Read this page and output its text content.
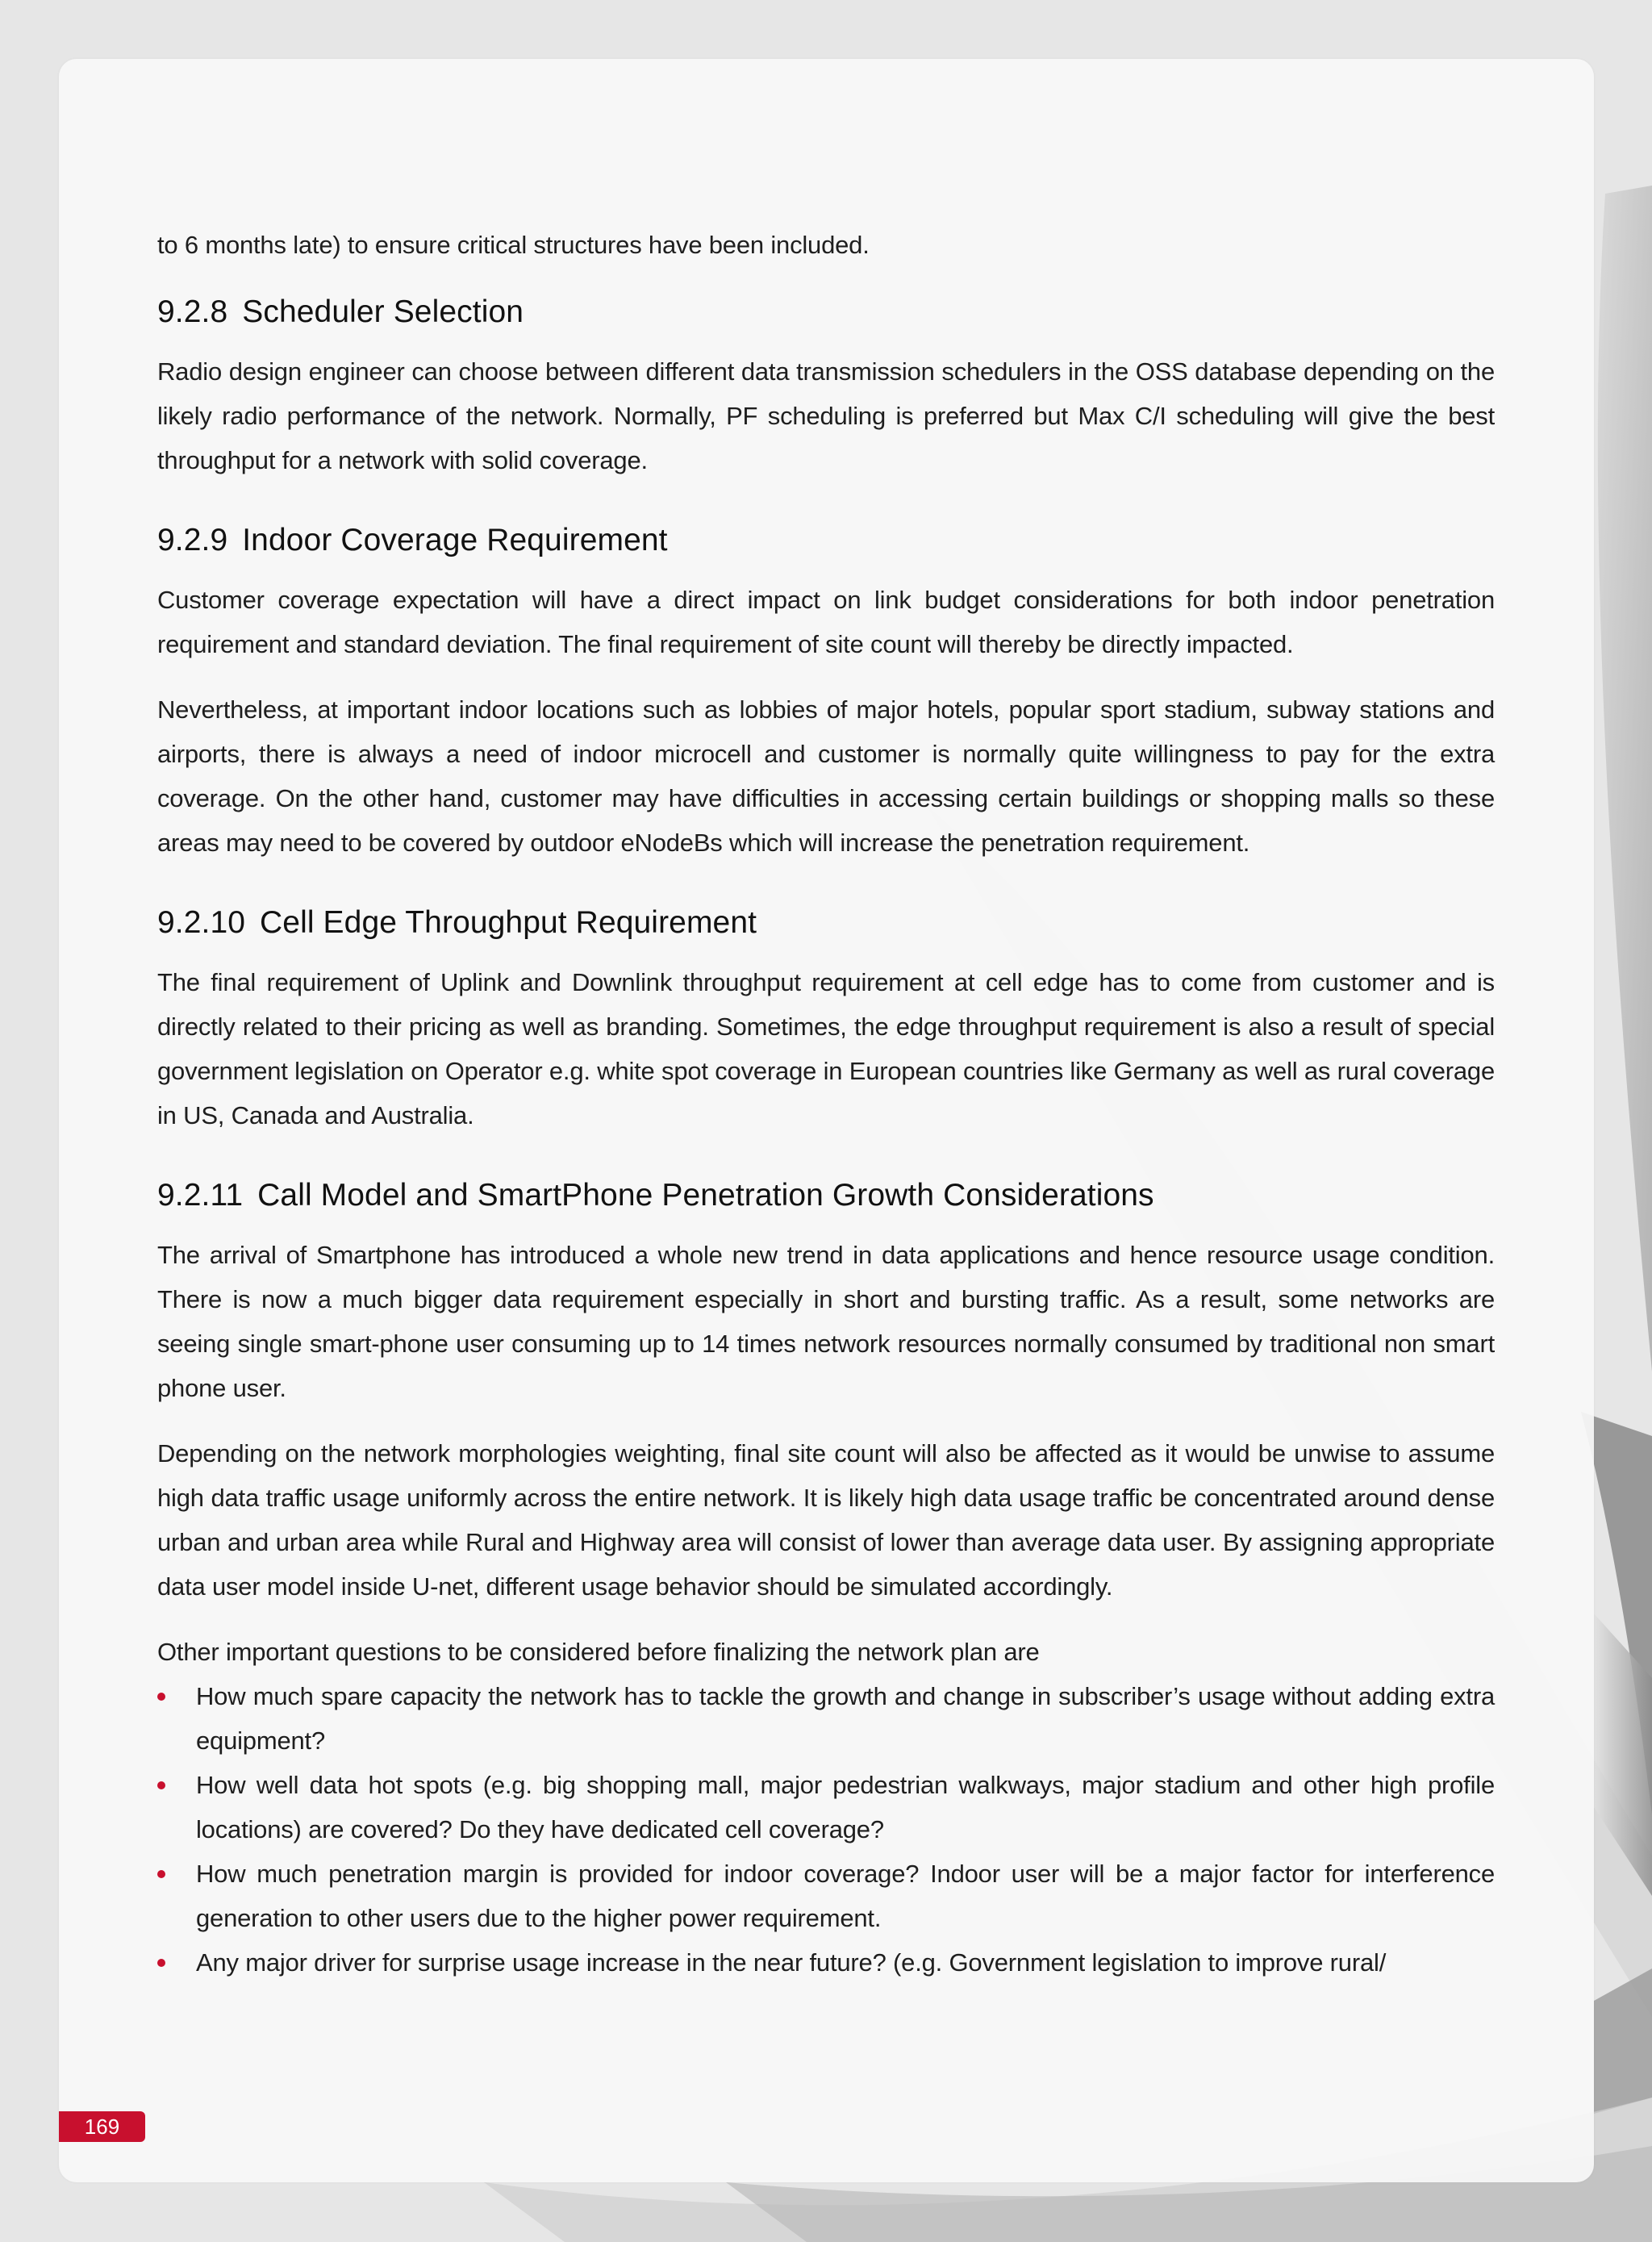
to 6 months late) to ensure critical structures have been included.

9.2.8 Scheduler Selection

Radio design engineer can choose between different data transmission schedulers in the OSS database depending on the likely radio performance of the network. Normally, PF scheduling is preferred but Max C/I scheduling will give the best throughput for a network with solid coverage.

9.2.9 Indoor Coverage Requirement

Customer coverage expectation will have a direct impact on link budget considerations for both indoor penetration requirement and standard deviation. The final requirement of site count will thereby be directly impacted.

Nevertheless, at important indoor locations such as lobbies of major hotels, popular sport stadium, subway stations and airports, there is always a need of indoor microcell and customer is normally quite willingness to pay for the extra coverage. On the other hand, customer may have difficulties in accessing certain buildings or shopping malls so these areas may need to be covered by outdoor eNodeBs which will increase the penetration requirement.

9.2.10 Cell Edge Throughput Requirement

The final requirement of Uplink and Downlink throughput requirement at cell edge has to come from customer and is directly related to their pricing as well as branding. Sometimes, the edge throughput requirement is also a result of special government legislation on Operator e.g. white spot coverage in European countries like Germany as well as rural coverage in US, Canada and Australia.

9.2.11 Call Model and SmartPhone Penetration Growth Considerations

The arrival of Smartphone has introduced a whole new trend in data applications and hence resource usage condition. There is now a much bigger data requirement especially in short and bursting traffic. As a result, some networks are seeing single smart-phone user consuming up to 14 times network resources normally consumed by traditional non smart phone user.

Depending on the network morphologies weighting, final site count will also be affected as it would be unwise to assume high data traffic usage uniformly across the entire network. It is likely high data usage traffic be concentrated around dense urban and urban area while Rural and Highway area will consist of lower than average data user. By assigning appropriate data user model inside U-net, different usage behavior should be simulated accordingly.

Other important questions to be considered before finalizing the network plan are

How much spare capacity the network has to tackle the growth and change in subscriber’s usage without adding extra equipment?
How well data hot spots (e.g. big shopping mall, major pedestrian walkways, major stadium and other high profile locations) are covered? Do they have dedicated cell coverage?
How much penetration margin is provided for indoor coverage? Indoor user will be a major factor for interference generation to other users due to the higher power requirement.
Any major driver for surprise usage increase in the near future? (e.g. Government legislation to improve rural/
169
